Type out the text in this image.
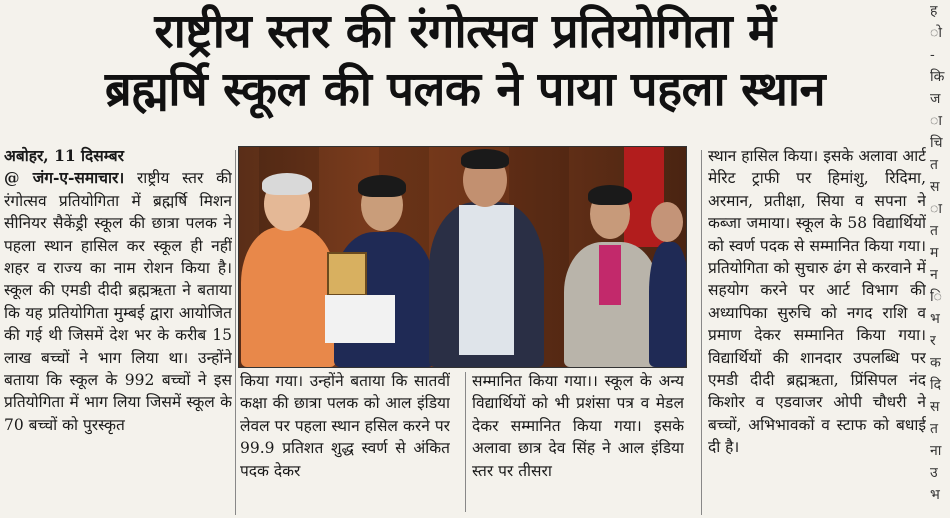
राष्ट्रीय स्तर की रंगोत्सव प्रतियोगिता में
ब्रह्मर्षि स्कूल की पलक ने पाया पहला स्थान

अबोहर, 11 दिसम्बर
@ जंग-ए-समाचार। राष्ट्रीय स्तर की रंगोत्सव प्रतियोगिता में ब्रह्मर्षि मिशन सीनियर सैकेंड्री स्कूल की छात्रा पलक ने पहला स्थान हासिल कर स्कूल ही नहीं शहर व राज्य का नाम रोशन किया है। स्कूल की एमडी दीदी ब्रह्मऋता ने बताया कि यह प्रतियोगिता मुम्बई द्वारा आयोजित की गई थी जिसमें देश भर के करीब 15 लाख बच्चों ने भाग लिया था। उन्होंने बताया कि स्कूल के 992 बच्चों ने इस प्रतियोगिता में भाग लिया जिसमें स्कूल के 70 बच्चों को पुरस्कृत

किया गया। उन्होंने बताया कि सातवीं कक्षा की छात्रा पलक को आल इंडिया लेवल पर पहला स्थान हसिल करने पर 99.9 प्रतिशत शुद्ध स्वर्ण से अंकित पदक देकर

सम्मानित किया गया।। स्कूल के अन्य विद्यार्थियों को भी प्रशंसा पत्र व मेडल देकर सम्मानित किया गया। इसके अलावा छात्र देव सिंह ने आल इंडिया स्तर पर तीसरा

स्थान हासिल किया। इसके अलावा आर्ट मेरिट ट्राफी पर हिमांशु, रिदिमा, अरमान, प्रतीक्षा, सिया व सपना ने कब्जा जमाया। स्कूल के 58 विद्यार्थियों को स्वर्ण पदक से सम्मानित किया गया। प्रतियोगिता को सुचारु ढंग से करवाने में सहयोग करने पर आर्ट विभाग की अध्यापिका सुरुचि को नगद राशि व प्रमाण देकर सम्मानित किया गया। विद्यार्थियों की शानदार उपलब्धि पर एमडी दीदी ब्रह्मऋता, प्रिंसिपल नंद किशोर व एडवाजर ओपी चौधरी ने बच्चों, अभिभावकों व स्टाफ को बधाई दी है।

ह
ो
-
कि
ज
ा
चि
त
स
ा
त
म
न
ि
भ
र
क
दि
स
त
ना
उ
भ
